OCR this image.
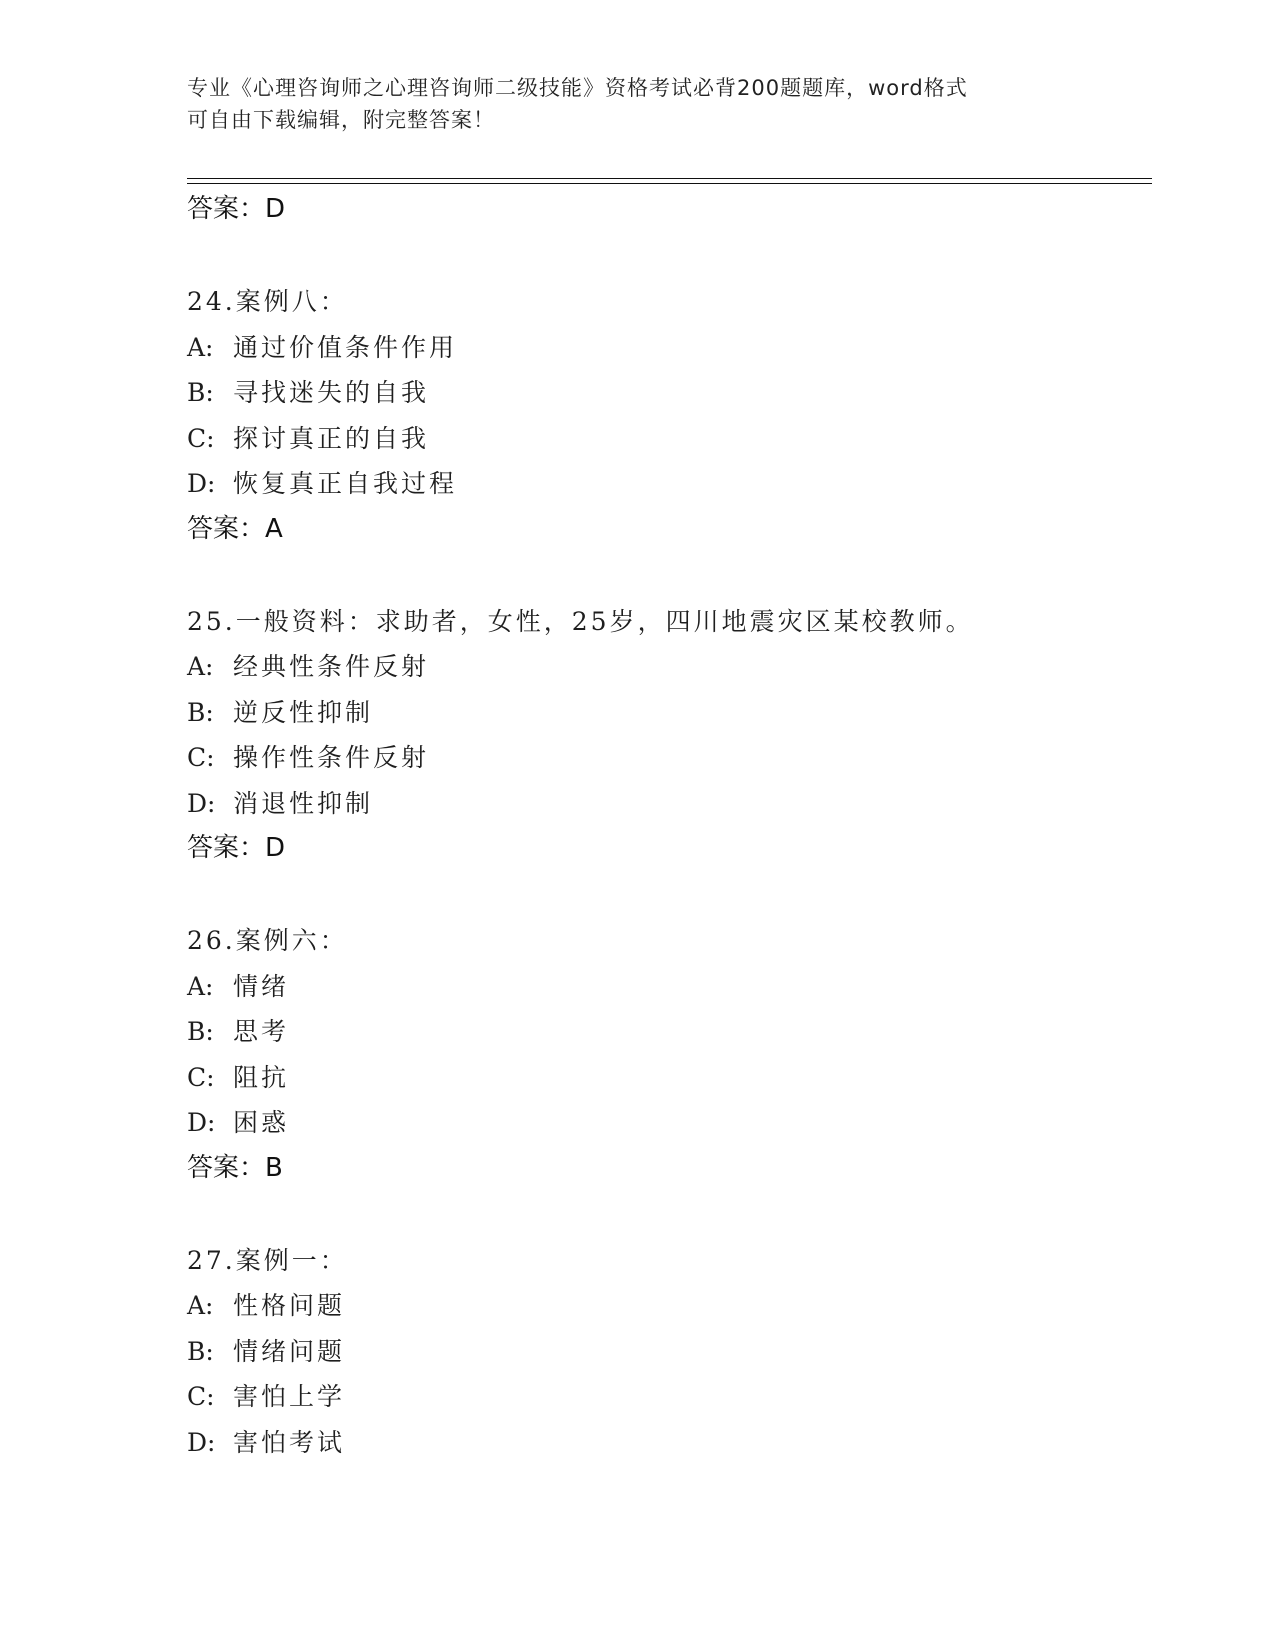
专业《心理咨询师之心理咨询师二级技能》资格考试必背200题题库，word格式
可自由下载编辑，附完整答案！
答案：D
24.案例八：
A: 通过价值条件作用
B: 寻找迷失的自我
C: 探讨真正的自我
D: 恢复真正自我过程
答案：A
25.一般资料：求助者，女性，25岁，四川地震灾区某校教师。
A: 经典性条件反射
B: 逆反性抑制
C: 操作性条件反射
D: 消退性抑制
答案：D
26.案例六：
A: 情绪
B: 思考
C: 阻抗
D: 困惑
答案：B
27.案例一：
A: 性格问题
B: 情绪问题
C: 害怕上学
D: 害怕考试
